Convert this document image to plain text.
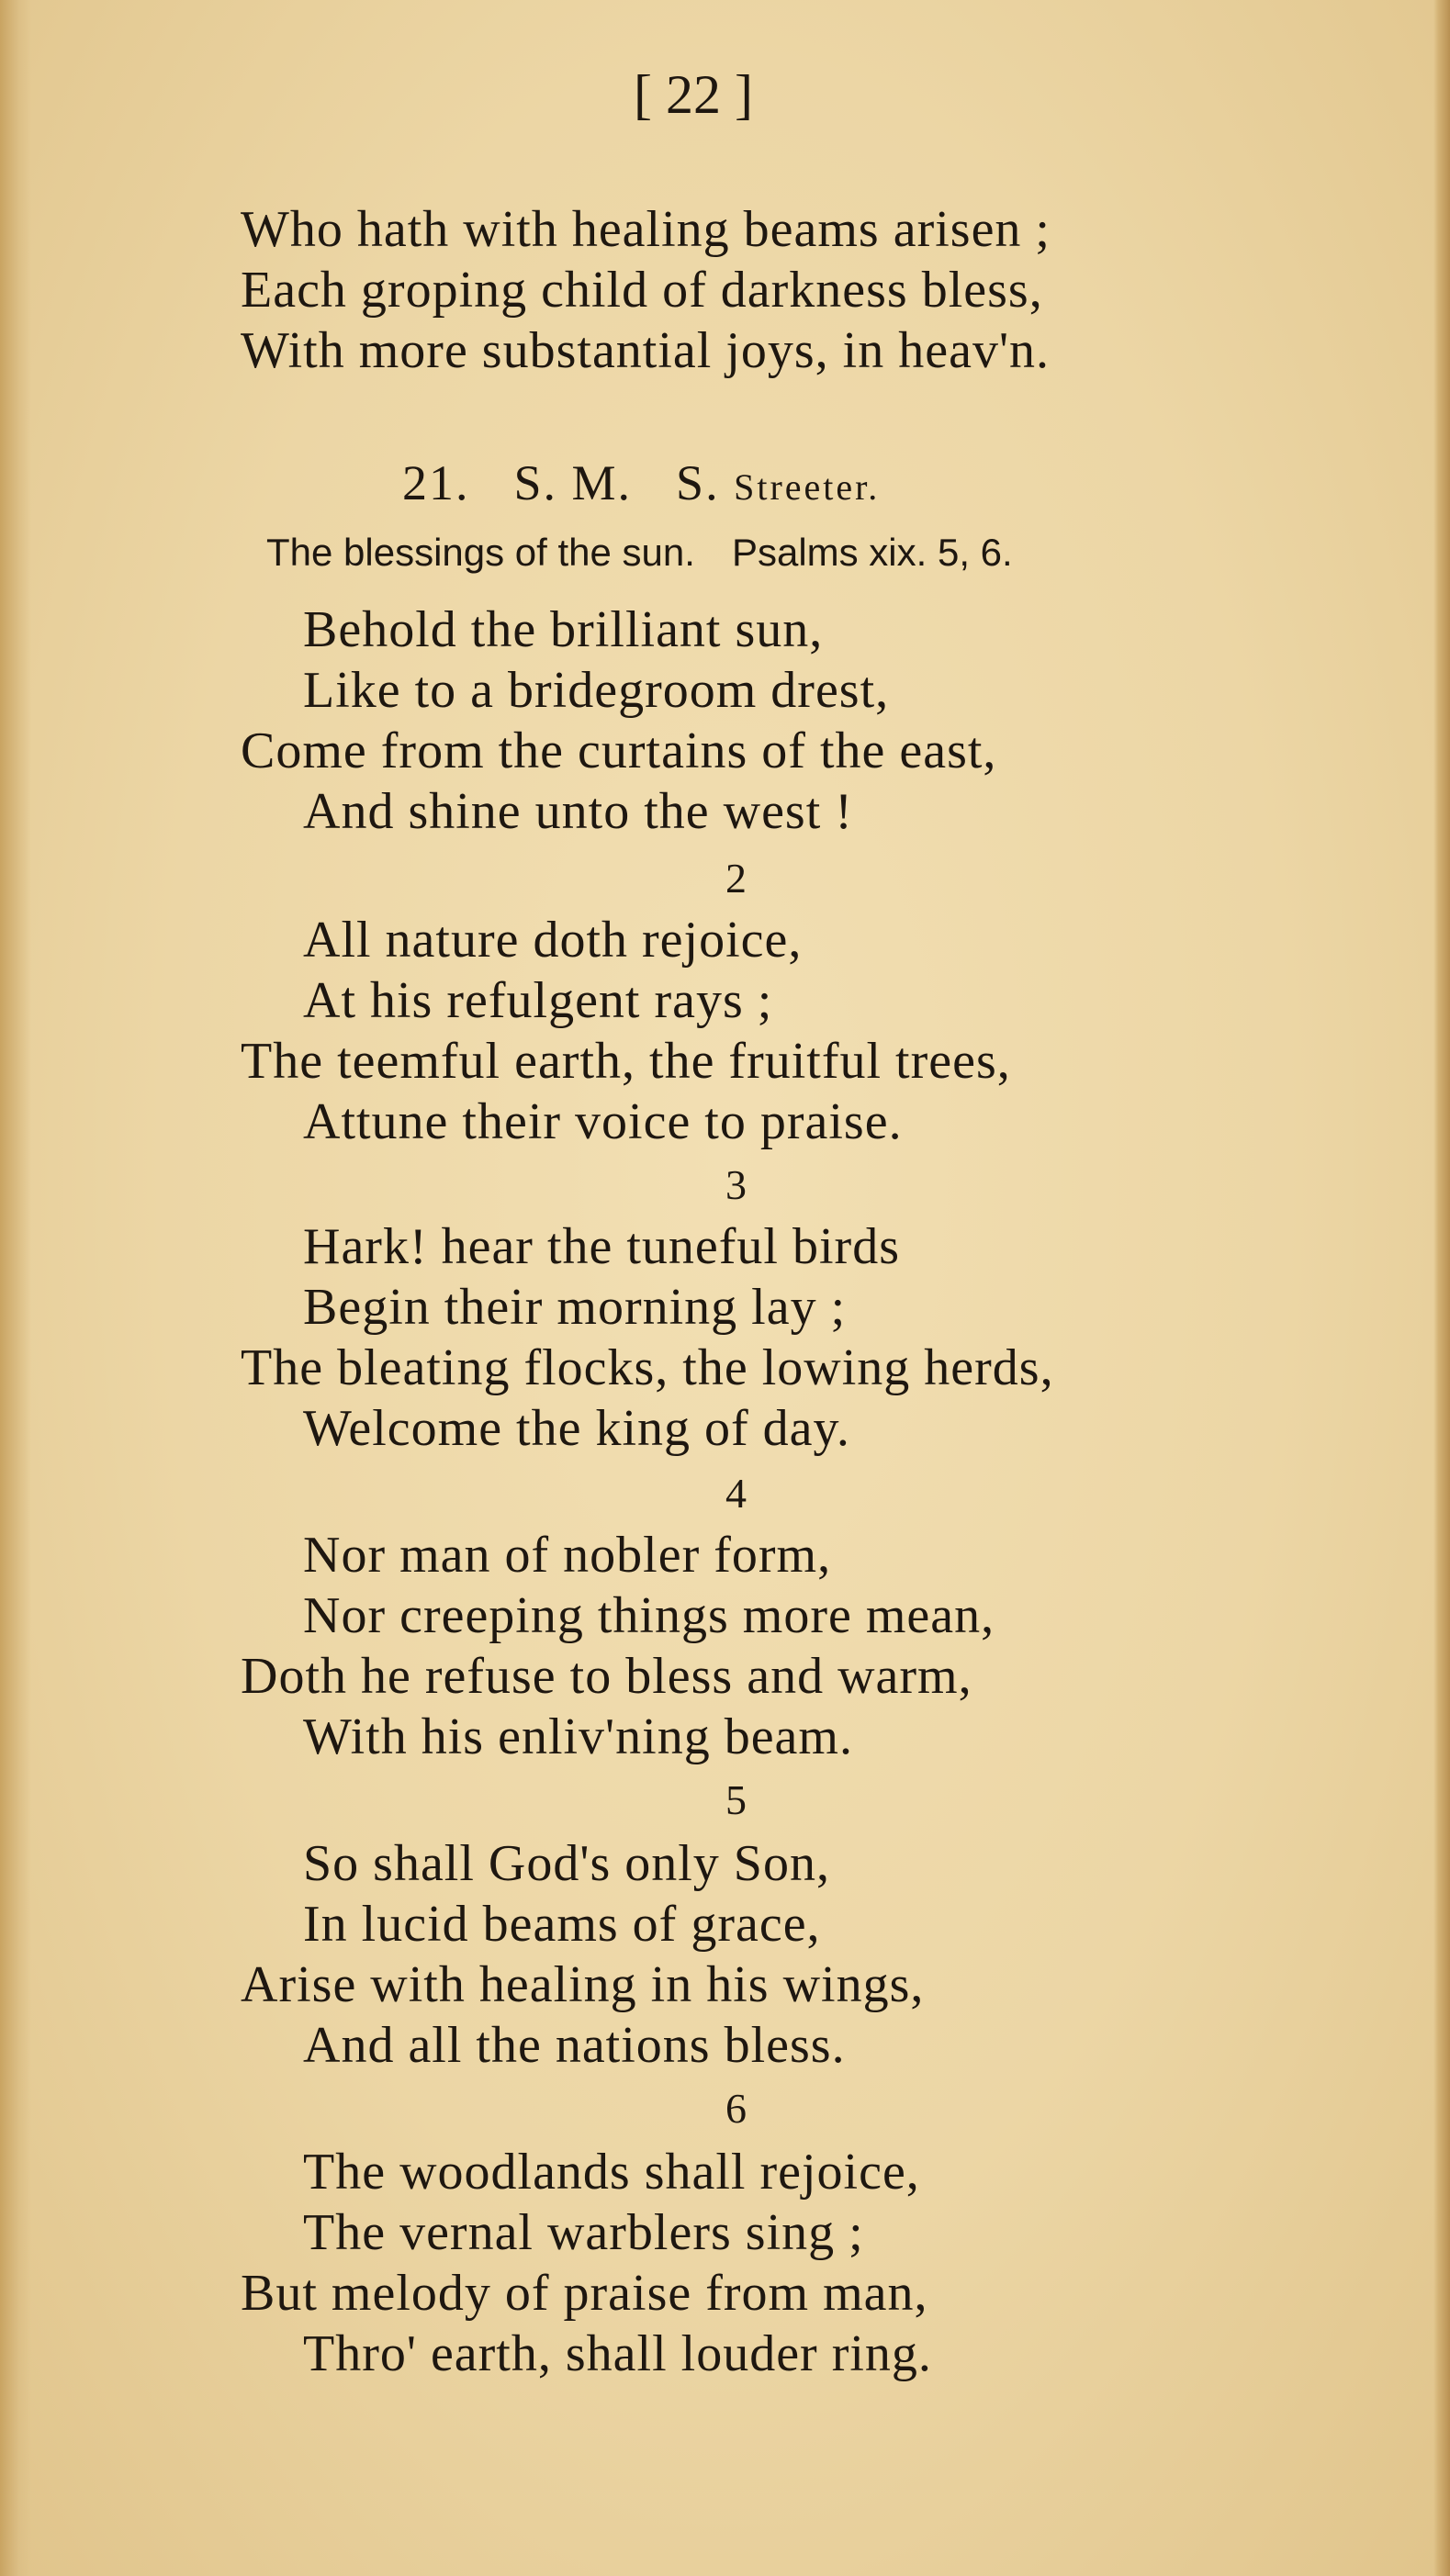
[ 22 ]
Who hath with healing beams arisen ;
Each groping child of darkness bless,
With more substantial joys, in heav'n.
21. S. M. S. Streeter.
The blessings of the sun. Psalms xix. 5, 6.
Behold the brilliant sun,
Like to a bridegroom drest,
Come from the curtains of the east,
And shine unto the west !
2
All nature doth rejoice,
At his refulgent rays ;
The teemful earth, the fruitful trees,
Attune their voice to praise.
3
Hark! hear the tuneful birds
Begin their morning lay ;
The bleating flocks, the lowing herds,
Welcome the king of day.
4
Nor man of nobler form,
Nor creeping things more mean,
Doth he refuse to bless and warm,
With his enliv'ning beam.
5
So shall God's only Son,
In lucid beams of grace,
Arise with healing in his wings,
And all the nations bless.
6
The woodlands shall rejoice,
The vernal warblers sing ;
But melody of praise from man,
Thro' earth, shall louder ring.
